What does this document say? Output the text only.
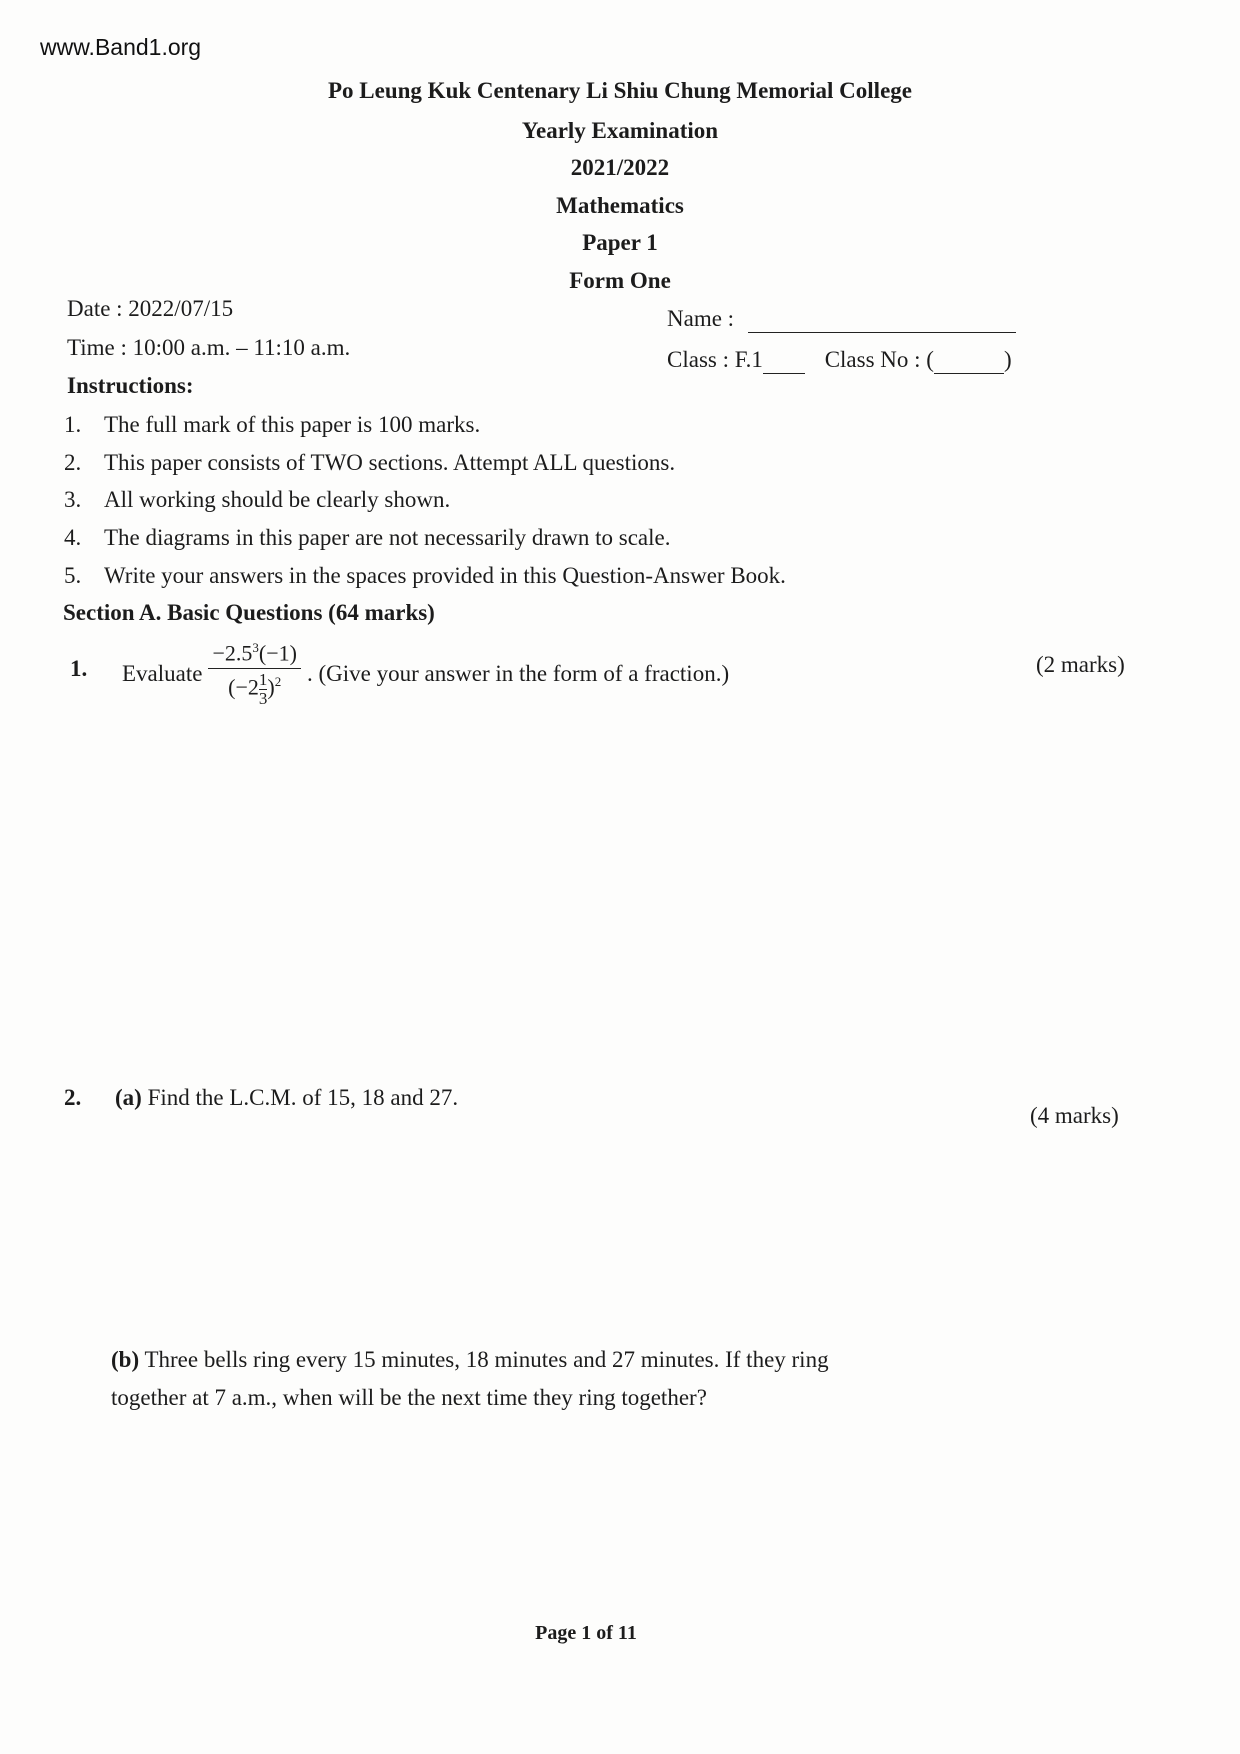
www.Band1.org
Po Leung Kuk Centenary Li Shiu Chung Memorial College
Yearly Examination
2021/2022
Mathematics
Paper 1
Form One
Date : 2022/07/15
Time : 10:00 a.m. – 11:10 a.m.
Name :
Class : F.1	Class No : (	)
Instructions:
1. The full mark of this paper is 100 marks.
2. This paper consists of TWO sections. Attempt ALL questions.
3. All working should be clearly shown.
4. The diagrams in this paper are not necessarily drawn to scale.
5. Write your answers in the spaces provided in this Question-Answer Book.
Section A. Basic Questions (64 marks)
1. Evaluate $\frac{-2.5^3(-1)}{(-2 \frac{1}{3} )^2}$ . (Give your answer in the form of a fraction.)	(2 marks)
2. (a) Find the L.C.M. of 15, 18 and 27.
(4 marks)
(b) Three bells ring every 15 minutes, 18 minutes and 27 minutes. If they ring
together at 7 a.m., when will be the next time they ring together?
Page 1 of 11
